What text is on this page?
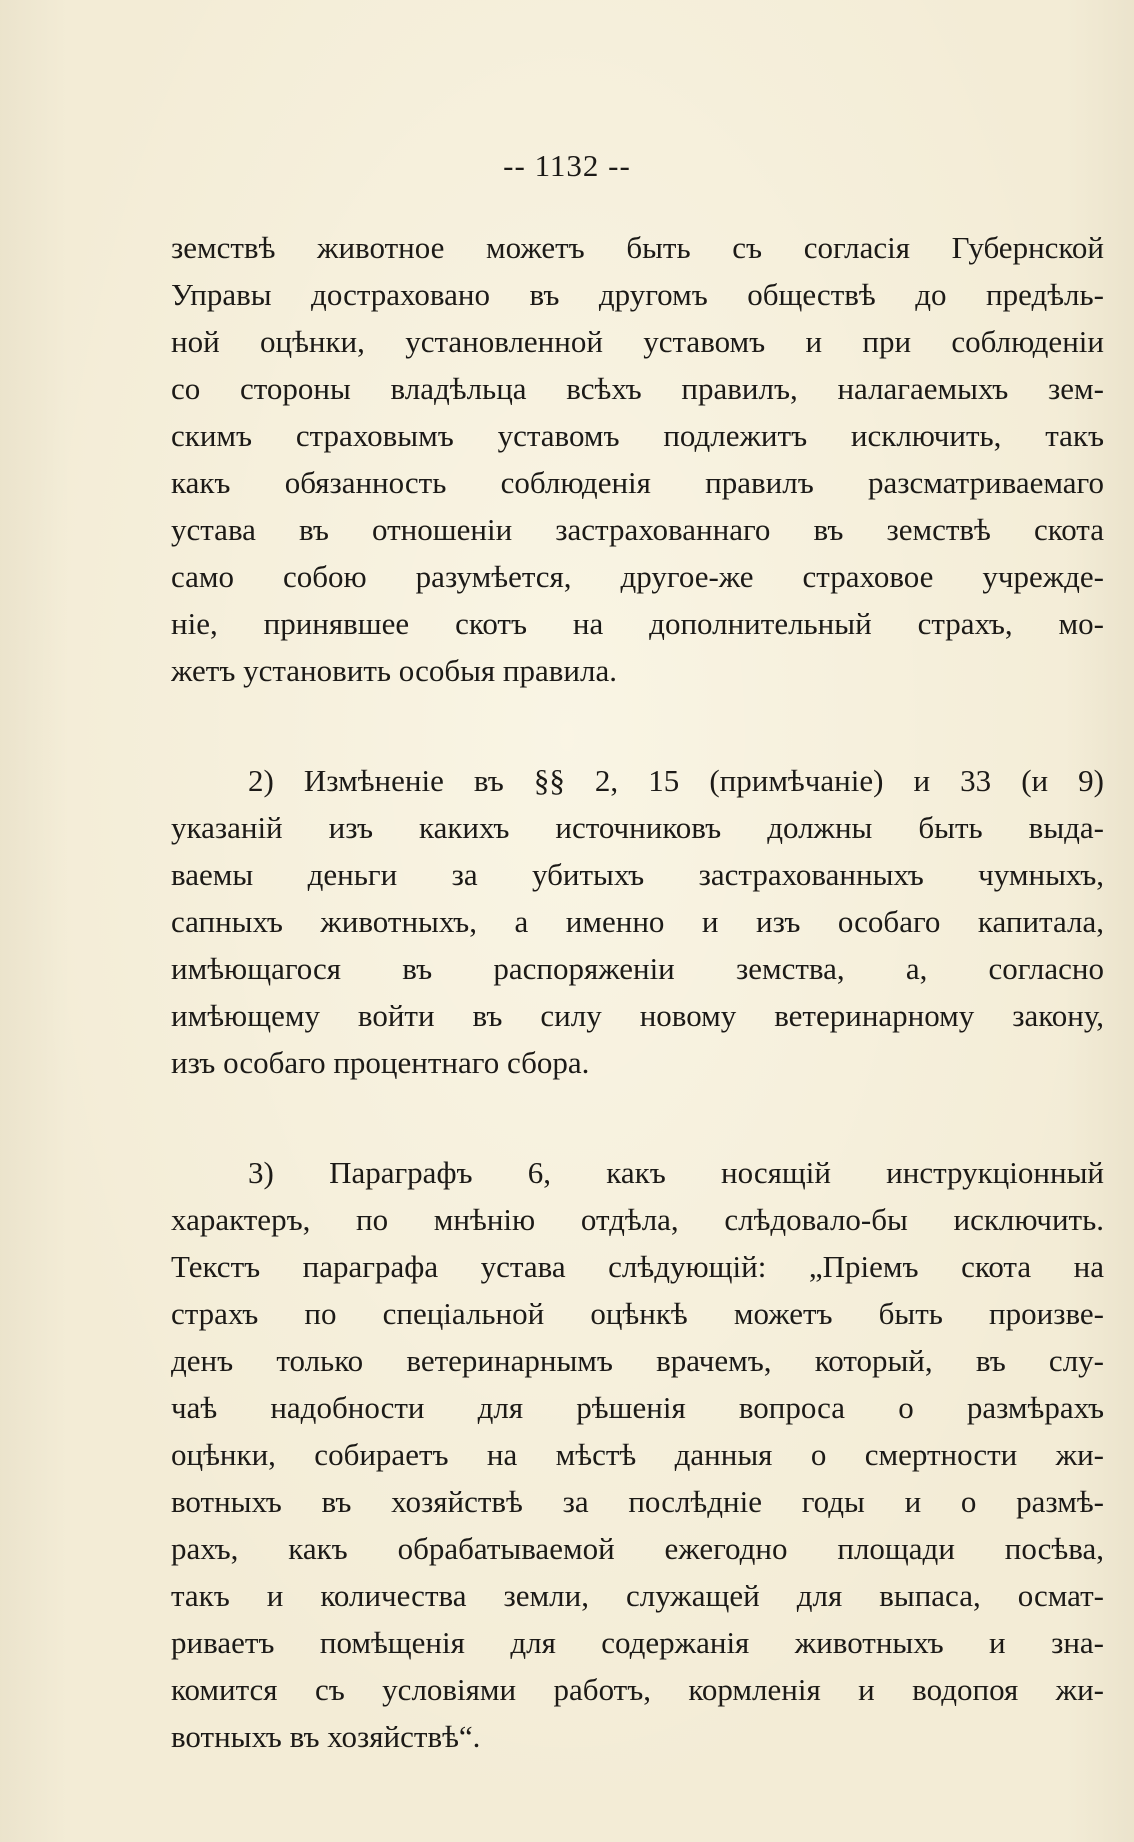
-- 1132 --
земствѣ животное можетъ быть съ согласія Губернской
Управы достраховано въ другомъ обществѣ до предѣль-
ной оцѣнки, установленной уставомъ и при соблюденіи
со стороны владѣльца всѣхъ правилъ, налагаемыхъ зем-
скимъ страховымъ уставомъ подлежитъ исключить, такъ
какъ обязанность соблюденія правилъ разсматриваемаго
устава въ отношеніи застрахованнаго въ земствѣ скота
само собою разумѣется, другое-же страховое учрежде-
ніе, принявшее скотъ на дополнительный страхъ, мо-
жетъ установить особыя правила.
2) Измѣненіе въ §§ 2, 15 (примѣчаніе) и 33 (и 9)
указаній изъ какихъ источниковъ должны быть выда-
ваемы деньги за убитыхъ застрахованныхъ чумныхъ,
сапныхъ животныхъ, а именно и изъ особаго капитала,
имѣющагося въ распоряженіи земства, а, согласно
имѣющему войти въ силу новому ветеринарному закону,
изъ особаго процентнаго сбора.
3) Параграфъ 6, какъ носящій инструкціонный
характеръ, по мнѣнію отдѣла, слѣдовало-бы исключить.
Текстъ параграфа устава слѣдующій: „Пріемъ скота на
страхъ по спеціальной оцѣнкѣ можетъ быть произве-
денъ только ветеринарнымъ врачемъ, который, въ слу-
чаѣ надобности для рѣшенія вопроса о размѣрахъ
оцѣнки, собираетъ на мѣстѣ данныя о смертности жи-
вотныхъ въ хозяйствѣ за послѣдніе годы и о размѣ-
рахъ, какъ обрабатываемой ежегодно площади посѣва,
такъ и количества земли, служащей для выпаса, осмат-
риваетъ помѣщенія для содержанія животныхъ и зна-
комится съ условіями работъ, кормленія и водопоя жи-
вотныхъ въ хозяйствѣ“.
